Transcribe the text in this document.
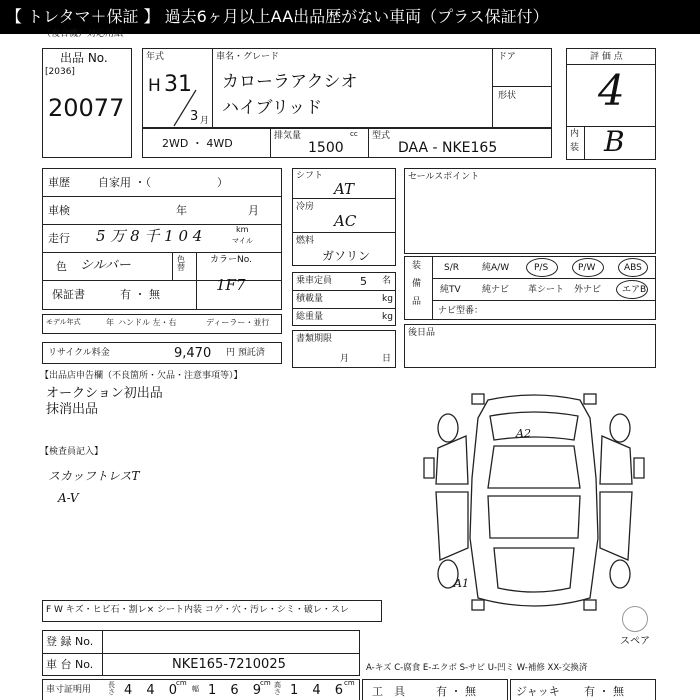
【 トレタマ＋保証 】 過去6ヶ月以上AA出品歴がない車両（プラス保証付）
（複合機）対応用紙
出品 No.
[2036]
20077
年式
H 31
3 月
車名・グレード
カローラアクシオ
ハイブリッド
ドア
形状
評 価 点
4
内
装 B
2WD ・ 4WD
排気量	cc
1500
型式
DAA - NKE165
車歴	自家用 ・（　　　　　　）
車検	年	月
走行 5 万 8 千 1 0 4	km
マイル
色 シルバー	色替
カラーNo.
1F7
保証書	有 ・ 無
モデル年式	年 ハンドル 左・右	ディーラー・並行
リサイクル料金	9,470 円 預託済
シフト
AT
冷房
AC
燃料
ガソリン
乗車定員	5 名
積載量	kg
総重量	kg
書類期限
月	日
セールスポイント
装
備
品
S/R	純A/W	P/S	P/W	ABS
純TV 純ナビ 革シート 外ナビ エアB
ナビ型番：
後日品
【出品店申告欄（不良箇所・欠品・注意事項等）】
オークション初出品
抹消出品
【検査員記入】
スカッフトレスT
A-V
A2
A1
スペア
F W キズ・ヒビ石・割レ× シート内装 コゲ・穴・汚レ・シミ・破レ・スレ
登 録 No.
車 台 No.	NKE165-7210025	A-キズ C-腐食 E-エクボ S-サビ U-凹ミ W-補修 XX-交換済
車寸証明用 長さ 4 4 0
cm
幅 1 6 9
cm 高さ 1 4 6
cm
工　具	有 ・ 無	ジャッキ 有 ・ 無
